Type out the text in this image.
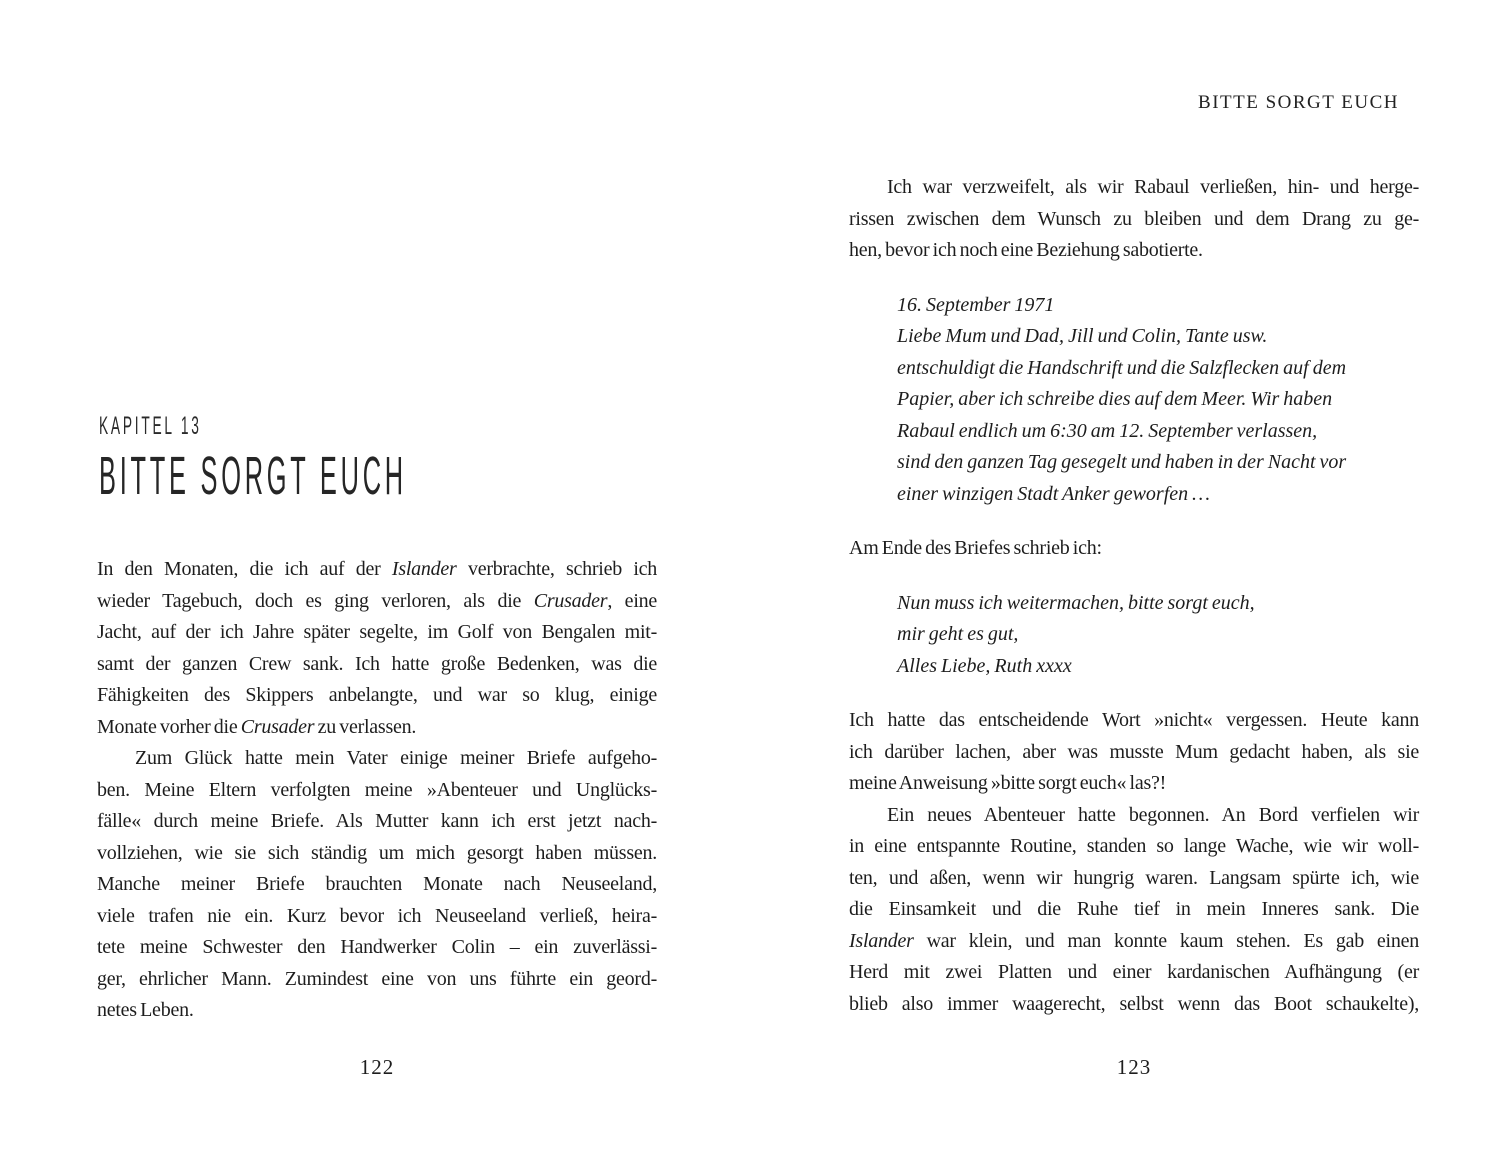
KAPITEL 13
BITTE SORGT EUCH
In den Monaten, die ich auf der Islander verbrachte, schrieb ich
wieder Tagebuch, doch es ging verloren, als die Crusader, eine
Jacht, auf der ich Jahre später segelte, im Golf von Bengalen mit-
samt der ganzen Crew sank. Ich hatte große Bedenken, was die
Fähigkeiten des Skippers anbelangte, und war so klug, einige
Monate vorher die Crusader zu verlassen.
Zum Glück hatte mein Vater einige meiner Briefe aufgeho-
ben. Meine Eltern verfolgten meine »Abenteuer und Unglücks-
fälle« durch meine Briefe. Als Mutter kann ich erst jetzt nach-
vollziehen, wie sie sich ständig um mich gesorgt haben müssen.
Manche meiner Briefe brauchten Monate nach Neuseeland,
viele trafen nie ein. Kurz bevor ich Neuseeland verließ, heira-
tete meine Schwester den Handwerker Colin – ein zuverlässi-
ger, ehrlicher Mann. Zumindest eine von uns führte ein geord-
netes Leben.
122
BITTE SORGT EUCH
Ich war verzweifelt, als wir Rabaul verließen, hin- und herge-
rissen zwischen dem Wunsch zu bleiben und dem Drang zu ge-
hen, bevor ich noch eine Beziehung sabotierte.
16. September 1971
Liebe Mum und Dad, Jill und Colin, Tante usw.
entschuldigt die Handschrift und die Salzflecken auf dem
Papier, aber ich schreibe dies auf dem Meer. Wir haben
Rabaul endlich um 6:30 am 12. September verlassen,
sind den ganzen Tag gesegelt und haben in der Nacht vor
einer winzigen Stadt Anker geworfen …
Am Ende des Briefes schrieb ich:
Nun muss ich weitermachen, bitte sorgt euch,
mir geht es gut,
Alles Liebe, Ruth xxxx
Ich hatte das entscheidende Wort »nicht« vergessen. Heute kann
ich darüber lachen, aber was musste Mum gedacht haben, als sie
meine Anweisung »bitte sorgt euch« las?!
Ein neues Abenteuer hatte begonnen. An Bord verfielen wir
in eine entspannte Routine, standen so lange Wache, wie wir woll-
ten, und aßen, wenn wir hungrig waren. Langsam spürte ich, wie
die Einsamkeit und die Ruhe tief in mein Inneres sank. Die
Islander war klein, und man konnte kaum stehen. Es gab einen
Herd mit zwei Platten und einer kardanischen Aufhängung (er
blieb also immer waagerecht, selbst wenn das Boot schaukelte),
123
